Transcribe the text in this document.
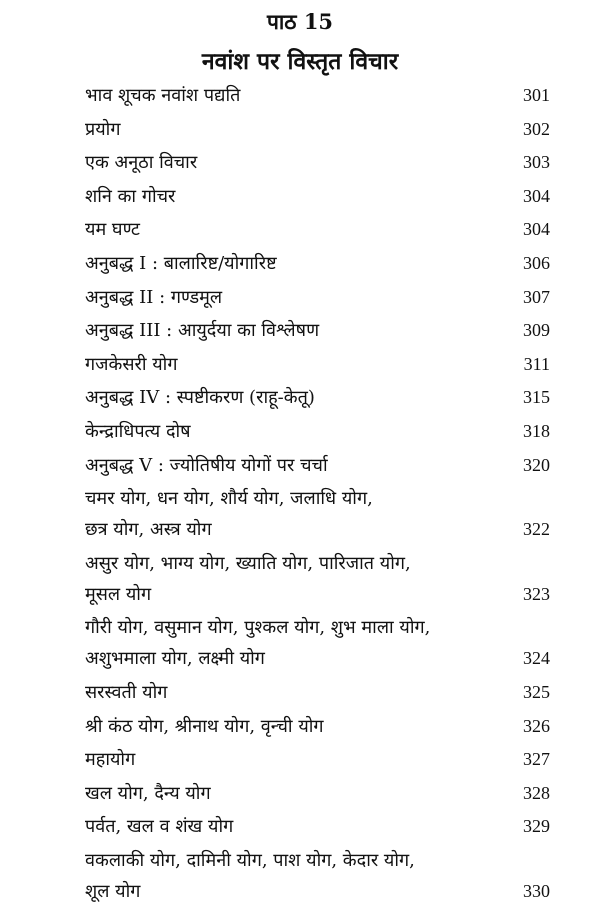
पाठ 15
नवांश पर विस्तृत विचार
भाव शूचक नवांश पद्यति	301
प्रयोग	302
एक अनूठा विचार	303
शनि का गोचर	304
यम घण्ट	304
अनुबद्ध I : बालारिष्ट/योगारिष्ट	306
अनुबद्ध II : गण्डमूल	307
अनुबद्ध III : आयुर्दया का विश्लेषण	309
गजकेसरी योग	311
अनुबद्ध IV : स्पष्टीकरण (राहू-केतू)	315
केन्द्राधिपत्य दोष	318
अनुबद्ध V : ज्योतिषीय योगों पर चर्चा	320
चमर योग, धन योग, शौर्य योग, जलाधि योग,
छत्र योग, अस्त्र योग	322
असुर योग, भाग्य योग, ख्याति योग, पारिजात योग,
मूसल योग	323
गौरी योग, वसुमान योग, पुश्कल योग, शुभ माला योग,
अशुभमाला योग, लक्ष्मी योग	324
सरस्वती योग	325
श्री कंठ योग, श्रीनाथ योग, वृन्ची योग	326
महायोग	327
खल योग, दैन्य योग	328
पर्वत, खल व शंख योग	329
वकलाकी योग, दामिनी योग, पाश योग, केदार योग,
शूल योग	330
